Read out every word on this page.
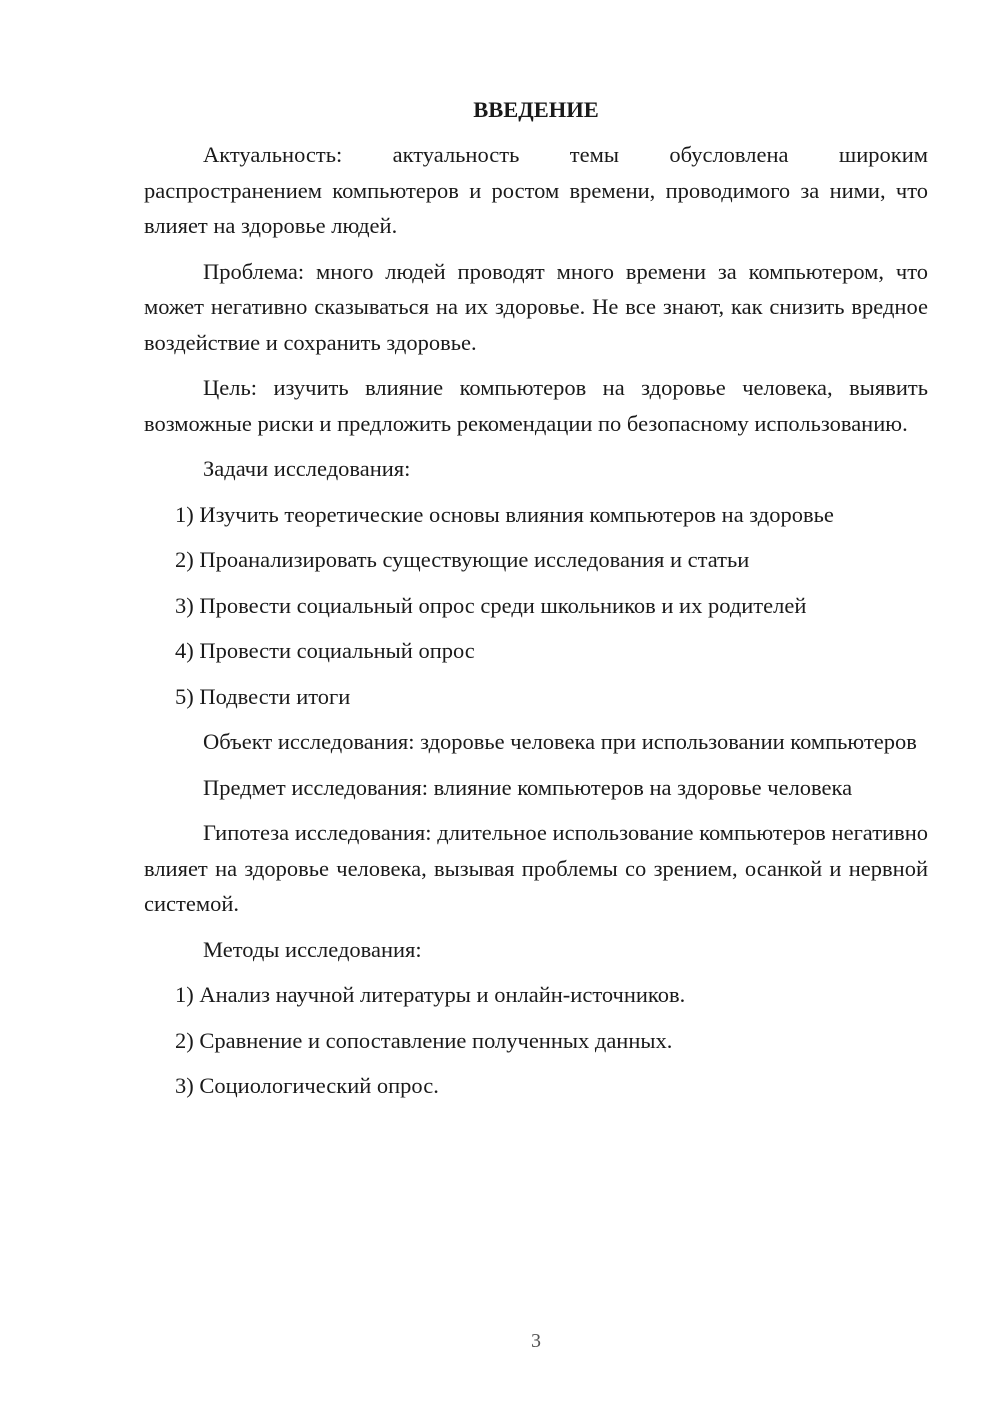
ВВЕДЕНИЕ

Актуальность: актуальность темы обусловлена широким распространением компьютеров и ростом времени, проводимого за ними, что влияет на здоровье людей.

Проблема: много людей проводят много времени за компьютером, что может негативно сказываться на их здоровье. Не все знают, как снизить вредное воздействие и сохранить здоровье.

Цель: изучить влияние компьютеров на здоровье человека, выявить возможные риски и предложить рекомендации по безопасному использованию.

Задачи исследования:

1) Изучить теоретические основы влияния компьютеров на здоровье
2) Проанализировать существующие исследования и статьи
3) Провести социальный опрос среди школьников и их родителей
4) Провести социальный опрос
5) Подвести итоги

Объект исследования: здоровье человека при использовании компьютеров

Предмет исследования: влияние компьютеров на здоровье человека

Гипотеза исследования: длительное использование компьютеров негативно влияет на здоровье человека, вызывая проблемы со зрением, осанкой и нервной системой.

Методы исследования:

1) Анализ научной литературы и онлайн-источников.
2) Сравнение и сопоставление полученных данных.
3) Социологический опрос.
3
